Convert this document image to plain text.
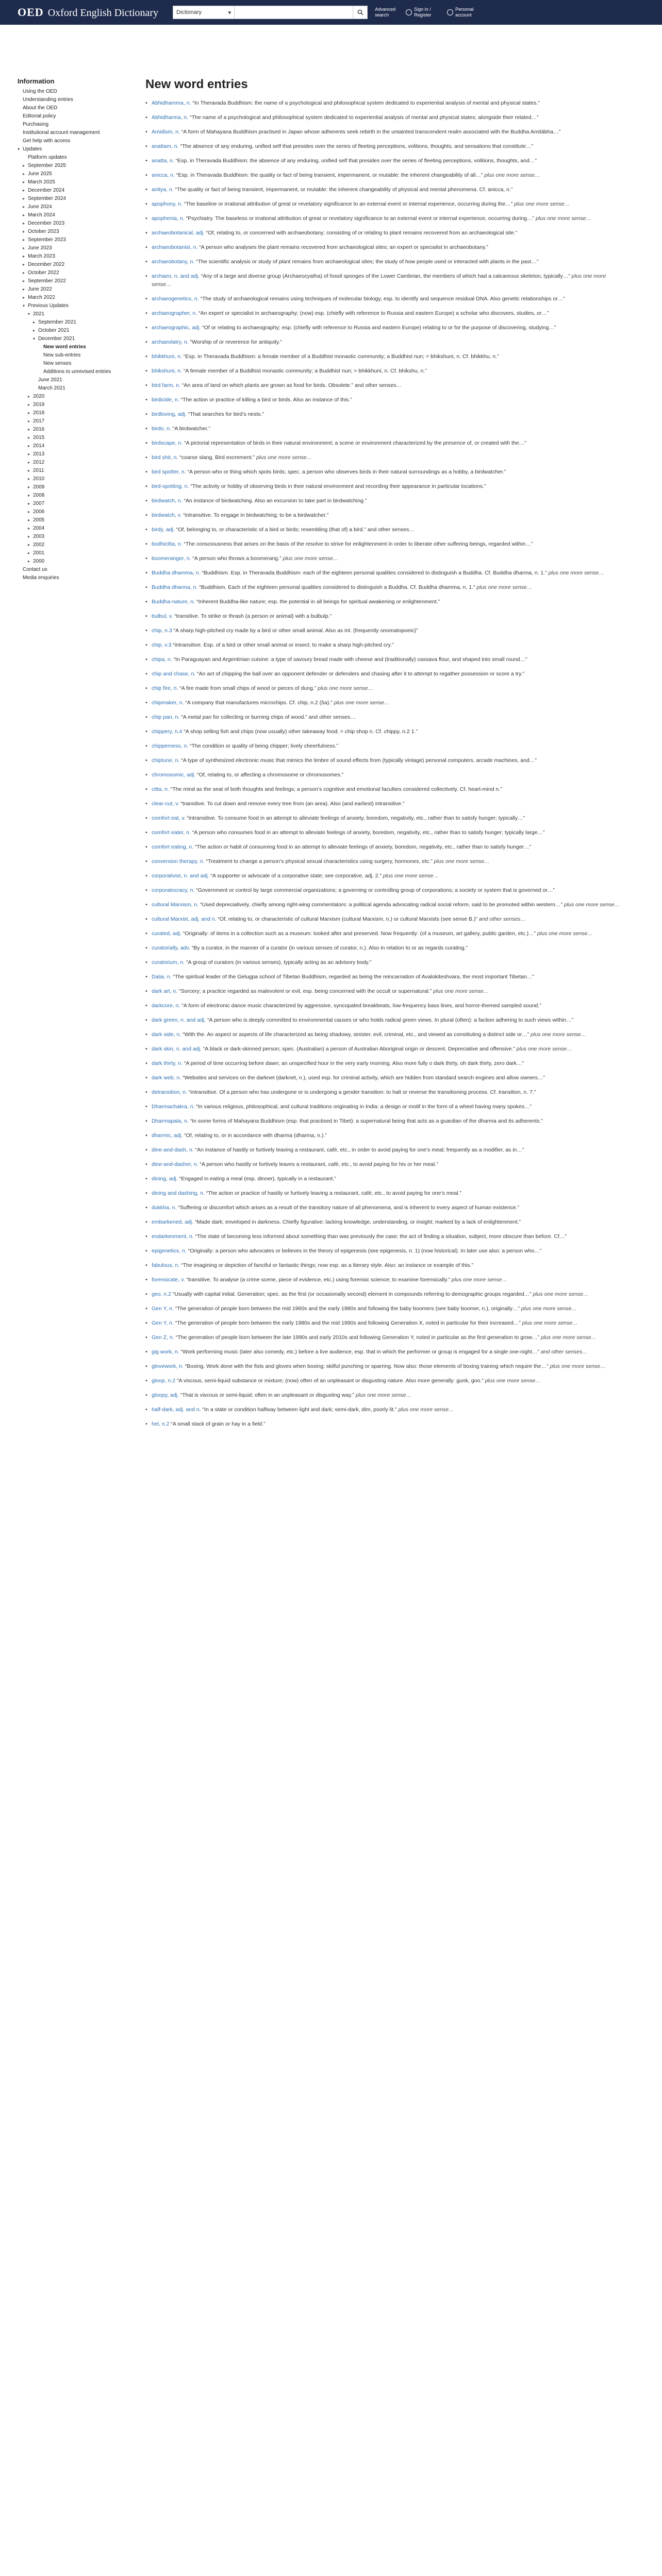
OED Oxford English Dictionary	Dictionary	▾
Advanced search
Sign in / Register
Personal account
Information
Using the OED
Understanding entries
About the OED
Editorial policy
Purchasing
Institutional account management
Get help with access
▾ Updates
Platform updates
▸ September 2025
▸ June 2025
▸ March 2025
▸ December 2024
▸ September 2024
▸ June 2024
▸ March 2024
▸ December 2023
▸ October 2023
▸ September 2023
▸ June 2023
▸ March 2023
▸ December 2022
▸ October 2022
▸ September 2022
▸ June 2022
▸ March 2022
▾ Previous Updates
▾ 2021
▸ September 2021
▸ October 2021
▾ December 2021
New word entries
New sub-entries
New senses
Additions to unrevised entries
June 2021
March 2021
▸ 2020
▸ 2019
▸ 2018
▸ 2017
▸ 2016
▸ 2015
▸ 2014
▸ 2013
▸ 2012
▸ 2011
▸ 2010
▸ 2009
▸ 2008
▸ 2007
▸ 2006
▸ 2005
▸ 2004
▸ 2003
▸ 2002
▸ 2001
▸ 2000
Contact us
Media enquiries
New word entries
• Abhidhamma, n. “In Theravada Buddhism: the name of a psychological and philosophical system dedicated to experiential analysis of mental and physical states.”
• Abhidharma, n. “The name of a psychological and philosophical system dedicated to experiential analysis of mental and physical states; alongside their related…”
• Amidism, n. “A form of Mahayana Buddhism practised in Japan whose adherents seek rebirth in the untainted transcendent realm associated with the Buddha Amitābha…”
• anattam, n. “The absence of any enduring, unified self that presides over the series of fleeting perceptions, volitions, thoughts, and sensations that constitute…”
• anatta, n. “Esp. in Theravada Buddhism: the absence of any enduring, unified self that presides over the series of fleeting perceptions, volitions, thoughts, and…”
• anicca, n. “Esp. in Theravada Buddhism: the quality or fact of being transient, impermanent, or mutable: the inherent changeability of all…” plus one more sense…
• anitya, n. “The quality or fact of being transient, impermanent, or mutable: the inherent changeability of physical and mental phenomena. Cf. anicca, n.”
• apophony, n. “The baseline or irrational attribution of great or revelatory significance to an external event or internal experience, occurring during the…” plus one more sense…
• apophenia, n. “Psychiatry. The baseless or irrational attribution of great or revelatory significance to an external event or internal experience, occurring during…” plus one more sense…
• archaeobotanical, adj. “Of, relating to, or concerned with archaeobotany; consisting of or relating to plant remains recovered from an archaeological site.”
• archaeobotanist, n. “A person who analyses the plant remains recovered from archaeological sites; an expert or specialist in archaeobotany.”
• archaeobotany, n. “The scientific analysis or study of plant remains from archaeological sites; the study of how people used or interacted with plants in the past…”
• archaeo, n. and adj. “Any of a large and diverse group (Archaeocyatha) of fossil sponges of the Lower Cambrian, the members of which had a calcareous skeleton, typically…” plus one more sense…
• archaeogenetics, n. “The study of archaeological remains using techniques of molecular biology, esp. to identify and sequence residual DNA. Also genetic relationships or…”
• archaeographer, n. “An expert or specialist in archaeography; (now) esp. (chiefly with reference to Russia and eastern Europe) a scholar who discovers, studies, or…”
• archaeographic, adj. “Of or relating to archaeography; esp. (chiefly with reference to Russia and eastern Europe) relating to or for the purpose of discovering, studying…”
• archaeolatry, n. “Worship of or reverence for antiquity.”
• bhikkhuni, n. “Esp. in Theravada Buddhism: a female member of a Buddhist monastic community; a Buddhist nun; = bhikshuni, n. Cf. bhikkhu, n.”
• bhikshuni, n. “A female member of a Buddhist monastic community; a Buddhist nun; = bhikkhuni, n. Cf. bhikshu, n.”
• bird farm, n. “An area of land on which plants are grown as food for birds. Obsolete.” and other senses…
• birdicide, n. “The action or practice of killing a bird or birds. Also an instance of this.”
• birdloving, adj. “That searches for bird’s nests.”
• birdo, n. “A birdwatcher.”
• birdscape, n. “A pictorial representation of birds in their natural environment; a scene or environment characterized by the presence of, or created with the…”
• bird shit, n. “coarse slang. Bird excrement.” plus one more sense…
• bird spotter, n. “A person who or thing which spots birds; spec. a person who observes birds in their natural surroundings as a hobby, a birdwatcher.”
• bird-spotting, n. “The activity or hobby of observing birds in their natural environment and recording their appearance in particular locations.”
• birdwatch, n. “An instance of birdwatching. Also an excursion to take part in birdwatching.”
• birdwatch, v. “intransitive. To engage in birdwatching; to be a birdwatcher.”
• birdy, adj. “Of, belonging to, or characteristic of a bird or birds; resembling (that of) a bird.” and other senses…
• bodhicitta, n. “The consciousness that arises on the basis of the resolve to strive for enlightenment in order to liberate other suffering beings, regarded within…”
• boomeranger, n. “A person who throws a boomerang.” plus one more sense…
• Buddha dhamma, n. “Buddhism. Esp. in Theravada Buddhism: each of the eighteen personal qualities considered to distinguish a Buddha. Cf. Buddha dharma, n. 1.” plus one more sense…
• Buddha dharma, n. “Buddhism. Each of the eighteen personal qualities considered to distinguish a Buddha. Cf. Buddha dhamma, n. 1.” plus one more sense…
• Buddha-nature, n. “Inherent Buddha-like nature; esp. the potential in all beings for spiritual awakening or enlightenment.”
• bulbul, v. “transitive. To strike or thrash (a person or animal) with a bulbulp.”
• chip, n.3 “A sharp high-pitched cry made by a bird or other small animal. Also as int. (frequently onomatopoeic)”
• chip, v.3 “intransitive. Esp. of a bird or other small animal or insect: to make a sharp high-pitched cry.”
• chipa, n. “In Paraguayan and Argentinian cuisine: a type of savoury bread made with cheese and (traditionally) cassava flour, and shaped into small round…”
• chip and chase, n. “An act of chipping the ball over an opponent defender or defenders and chasing after it to attempt to regather possession or score a try.”
• chip fire, n. “A fire made from small chips of wood or pieces of dung.” plus one more sense…
• chipmaker, n. “A company that manufactures microchips. Cf. chip, n.2 (5a).” plus one more sense…
• chip pan, n. “A metal pan for collecting or burning chips of wood.” and other senses…
• chippery, n.4 “A shop selling fish and chips (now usually) other takeaway food; = chip shop n. Cf. chippy, n.2 1.”
• chipperness, n. “The condition or quality of being chipper; lively cheerfulness.”
• chiptune, n. “A type of synthesized electronic music that mimics the timbre of sound effects from (typically vintage) personal computers, arcade machines, and…”
• chromosomic, adj. “Of, relating to, or affecting a chromosome or chromosomes.”
• citta, n. “The mind as the seat of both thoughts and feelings; a person’s cognitive and emotional faculties considered collectively. Cf. heart-mind n.”
• clear-cut, v. “transitive. To cut down and remove every tree from (an area). Also (and earliest) intransitive.”
• comfort eat, v. “intransitive. To consume food in an attempt to alleviate feelings of anxiety, boredom, negativity, etc., rather than to satisfy hunger; typically…”
• comfort eater, n. “A person who consumes food in an attempt to alleviate feelings of anxiety, boredom, negativity, etc., rather than to satisfy hunger; typically large…”
• comfort eating, n. “The action or habit of consuming food in an attempt to alleviate feelings of anxiety, boredom, negativity, etc., rather than to satisfy hunger…”
• conversion therapy, n. “Treatment to change a person’s physical sexual characteristics using surgery, hormones, etc.” plus one more sense…
• corporativist, n. and adj. “A supporter or advocate of a corporative state; see corporative, adj. 2.” plus one more sense…
• corporatocracy, n. “Government or control by large commercial organizations; a governing or controlling group of corporations; a society or system that is governed or…”
• cultural Marxism, n. “Used depreciatively, chiefly among right-wing commentators: a political agenda advocating radical social reform, said to be promoted within western…” plus one more sense…
• cultural Marxist, adj. and n. “Of, relating to, or characteristic of cultural Marxism (cultural Marxism, n.) or cultural Marxists (see sense B.)” and other senses…
• curated, adj. “Originally: of items in a collection such as a museum: looked after and preserved. Now frequently: (of a museum, art gallery, public garden, etc.)…” plus one more sense…
• curatorially, adv. “By a curator, in the manner of a curator (in various senses of curator, n.). Also in relation to or as regards curating.”
• curatorium, n. “A group of curators (in various senses), typically acting as an advisory body.”
• Dalai, n. “The spiritual leader of the Gelugpa school of Tibetan Buddhism, regarded as being the reincarnation of Avalokiteshvara, the most important Tibetan…”
• dark art, n. “Sorcery; a practice regarded as malevolent or evil, esp. being concerned with the occult or supernatural.” plus one more sense…
• darkcore, n. “A form of electronic dance music characterized by aggressive, syncopated breakbeats, low-frequency bass lines, and horror-themed sampled sound.”
• dark green, n. and adj. “A person who is deeply committed to environmental causes or who holds radical green views. In plural (often): a faction adhering to such views within…”
• dark side, n. “With the. An aspect or aspects of life characterized as being shadowy, sinister, evil, criminal, etc., and viewed as constituting a distinct side or…” plus one more sense…
• dark skin, n. and adj. “A black or dark-skinned person; spec. (Australian) a person of Australian Aboriginal origin or descent. Depreciative and offensive.” plus one more sense…
• dark thirty, n. “A period of time occurring before dawn; an unspecified hour in the very early morning. Also more fully o dark thirty, oh dark thirty, zero dark…”
• dark web, n. “Websites and services on the darknet (darknet, n.), used esp. for criminal activity, which are hidden from standard search engines and allow owners…”
• detransition, n. “intransitive. Of a person who has undergone or is undergoing a gender transition: to halt or reverse the transitioning process. Cf. transition, n. 7.”
• Dharmachakra, n. “In various religious, philosophical, and cultural traditions originating in India: a design or motif in the form of a wheel having many spokes…”
• Dharmapala, n. “In some forms of Mahayana Buddhism (esp. that practised in Tibet): a supernatural being that acts as a guardian of the dharma and its adherents.”
• dharmic, adj. “Of, relating to, or in accordance with dharma (dharma, n.).”
• dine-and-dash, n. “An instance of hastily or furtively leaving a restaurant, café, etc., in order to avoid paying for one’s meal; frequently as a modifier, as in…”
• dine-and-dasher, n. “A person who hastily or furtively leaves a restaurant, café, etc., to avoid paying for his or her meal.”
• dining, adj. “Engaged in eating a meal (esp. dinner), typically in a restaurant.”
• dining and dashing, n. “The action or practice of hastily or furtively leaving a restaurant, café, etc., to avoid paying for one’s meal.”
• dukkha, n. “Suffering or discomfort which arises as a result of the transitory nature of all phenomena, and is inherent to every aspect of human existence.”
• embarkened, adj. “Made dark; enveloped in darkness. Chiefly figurative: lacking knowledge, understanding, or insight; marked by a lack of enlightenment.”
• endarkenment, n. “The state of becoming less informed about something than was previously the case; the act of finding a situation, subject, more obscure than before. Cf…”
• epigenetics, n. “Originally: a person who advocates or believes in the theory of epigenesis (see epigenesis, n. 1) (now historical). In later use also: a person who…”
• fabulous, n. “The imagining or depiction of fanciful or fantastic things; now esp. as a literary style. Also: an instance or example of this.”
• forensicate, v. “transitive. To analyse (a crime scene, piece of evidence, etc.) using forensic science; to examine forensically.” plus one more sense…
• geo, n.2 “Usually with capital initial. Generation; spec. as the first (or occasionally second) element in compounds referring to demographic groups regarded…” plus one more sense…
• Gen Y, n. “The generation of people born between the mid 1960s and the early 1980s and following the baby boomers (see baby boomer, n.), originally…” plus one more sense…
• Gen Y, n. “The generation of people born between the early 1980s and the mid 1990s and following Generation X, noted in particular for their increased…” plus one more sense…
• Gen Z, n. “The generation of people born between the late 1990s and early 2010s and following Generation Y, noted in particular as the first generation to grow…” plus one more sense…
• gig work, n. “Work performing music (later also comedy, etc.) before a live audience, esp. that in which the performer or group is engaged for a single one-night…” and other senses…
• glovework, n. “Boxing. Work done with the fists and gloves when boxing; skilful punching or sparring. Now also: those elements of boxing training which require the…” plus one more sense…
• gloop, n.2 “A viscous, semi-liquid substance or mixture; (now) often of an unpleasant or disgusting nature. Also more generally: gunk, goo.” plus one more sense…
• gloopy, adj. “That is viscous or semi-liquid; often in an unpleasant or disgusting way.” plus one more sense…
• half-dark, adj. and n. “In a state or condition halfway between light and dark; semi-dark, dim, poorly lit.” plus one more sense…
• hel, n.2 “A small stack of grain or hay in a field.”
